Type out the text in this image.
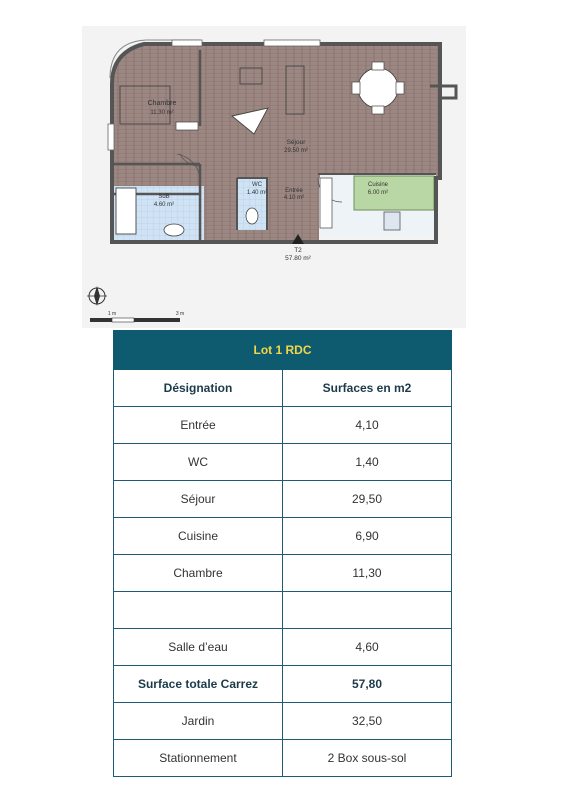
Chambre
11.30 m²
Séjour
29.50 m²
SdB
4.60 m²
WC
1.40 m²	Entrée
4.10 m²
Cuisine
6.00 m²
T2
57.80 m²
1 m	3 m
Lot 1 RDC	
Désignation	Surfaces en m2
Entrée	4,10
WC	1,40
Séjour	29,50
Cuisine	6,90
Chambre	11,30

Salle d’eau	4,60
Surface totale Carrez	57,80
Jardin	32,50
Stationnement	2 Box sous-sol
